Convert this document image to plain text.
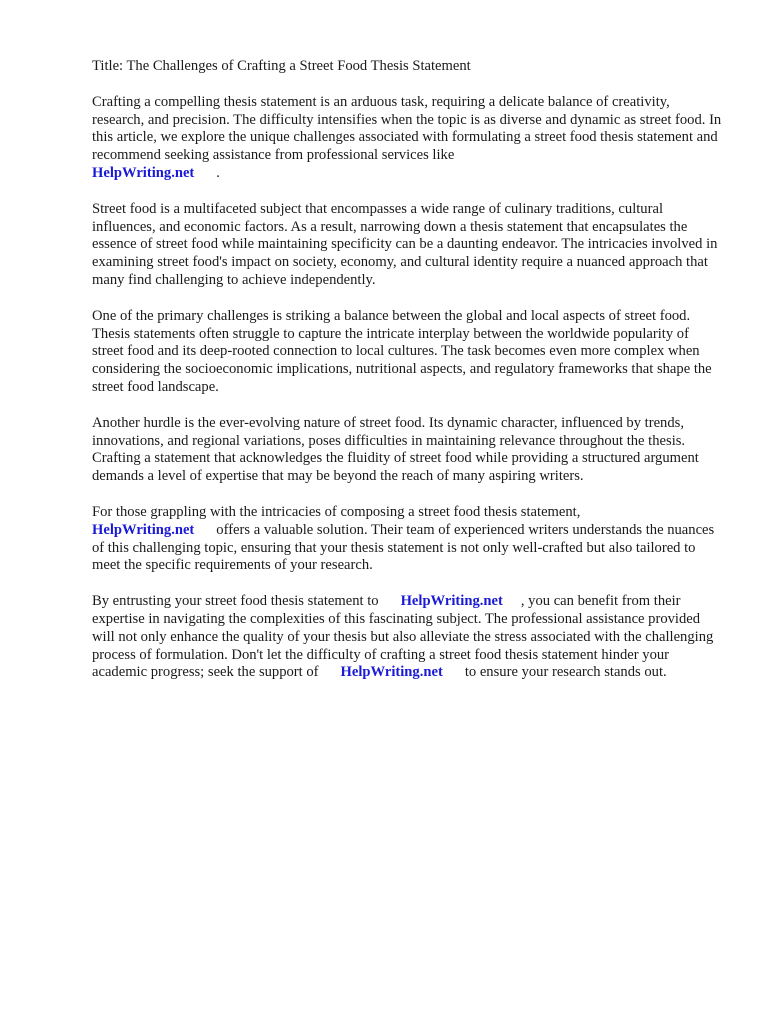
Title: The Challenges of Crafting a Street Food Thesis Statement

Crafting a compelling thesis statement is an arduous task, requiring a delicate balance of creativity, research, and precision. The difficulty intensifies when the topic is as diverse and dynamic as street food. In this article, we explore the unique challenges associated with formulating a street food thesis statement and recommend seeking assistance from professional services like
HelpWriting.net .

Street food is a multifaceted subject that encompasses a wide range of culinary traditions, cultural influences, and economic factors. As a result, narrowing down a thesis statement that encapsulates the essence of street food while maintaining specificity can be a daunting endeavor. The intricacies involved in examining street food's impact on society, economy, and cultural identity require a nuanced approach that many find challenging to achieve independently.

One of the primary challenges is striking a balance between the global and local aspects of street food. Thesis statements often struggle to capture the intricate interplay between the worldwide popularity of street food and its deep-rooted connection to local cultures. The task becomes even more complex when considering the socioeconomic implications, nutritional aspects, and regulatory frameworks that shape the street food landscape.

Another hurdle is the ever-evolving nature of street food. Its dynamic character, influenced by trends, innovations, and regional variations, poses difficulties in maintaining relevance throughout the thesis. Crafting a statement that acknowledges the fluidity of street food while providing a structured argument demands a level of expertise that may be beyond the reach of many aspiring writers.

For those grappling with the intricacies of composing a street food thesis statement,
HelpWriting.net offers a valuable solution. Their team of experienced writers understands the nuances of this challenging topic, ensuring that your thesis statement is not only well-crafted but also tailored to meet the specific requirements of your research.

By entrusting your street food thesis statement to HelpWriting.net , you can benefit from their expertise in navigating the complexities of this fascinating subject. The professional assistance provided will not only enhance the quality of your thesis but also alleviate the stress associated with the challenging process of formulation. Don't let the difficulty of crafting a street food thesis statement hinder your academic progress; seek the support of HelpWriting.net to ensure your research stands out.
